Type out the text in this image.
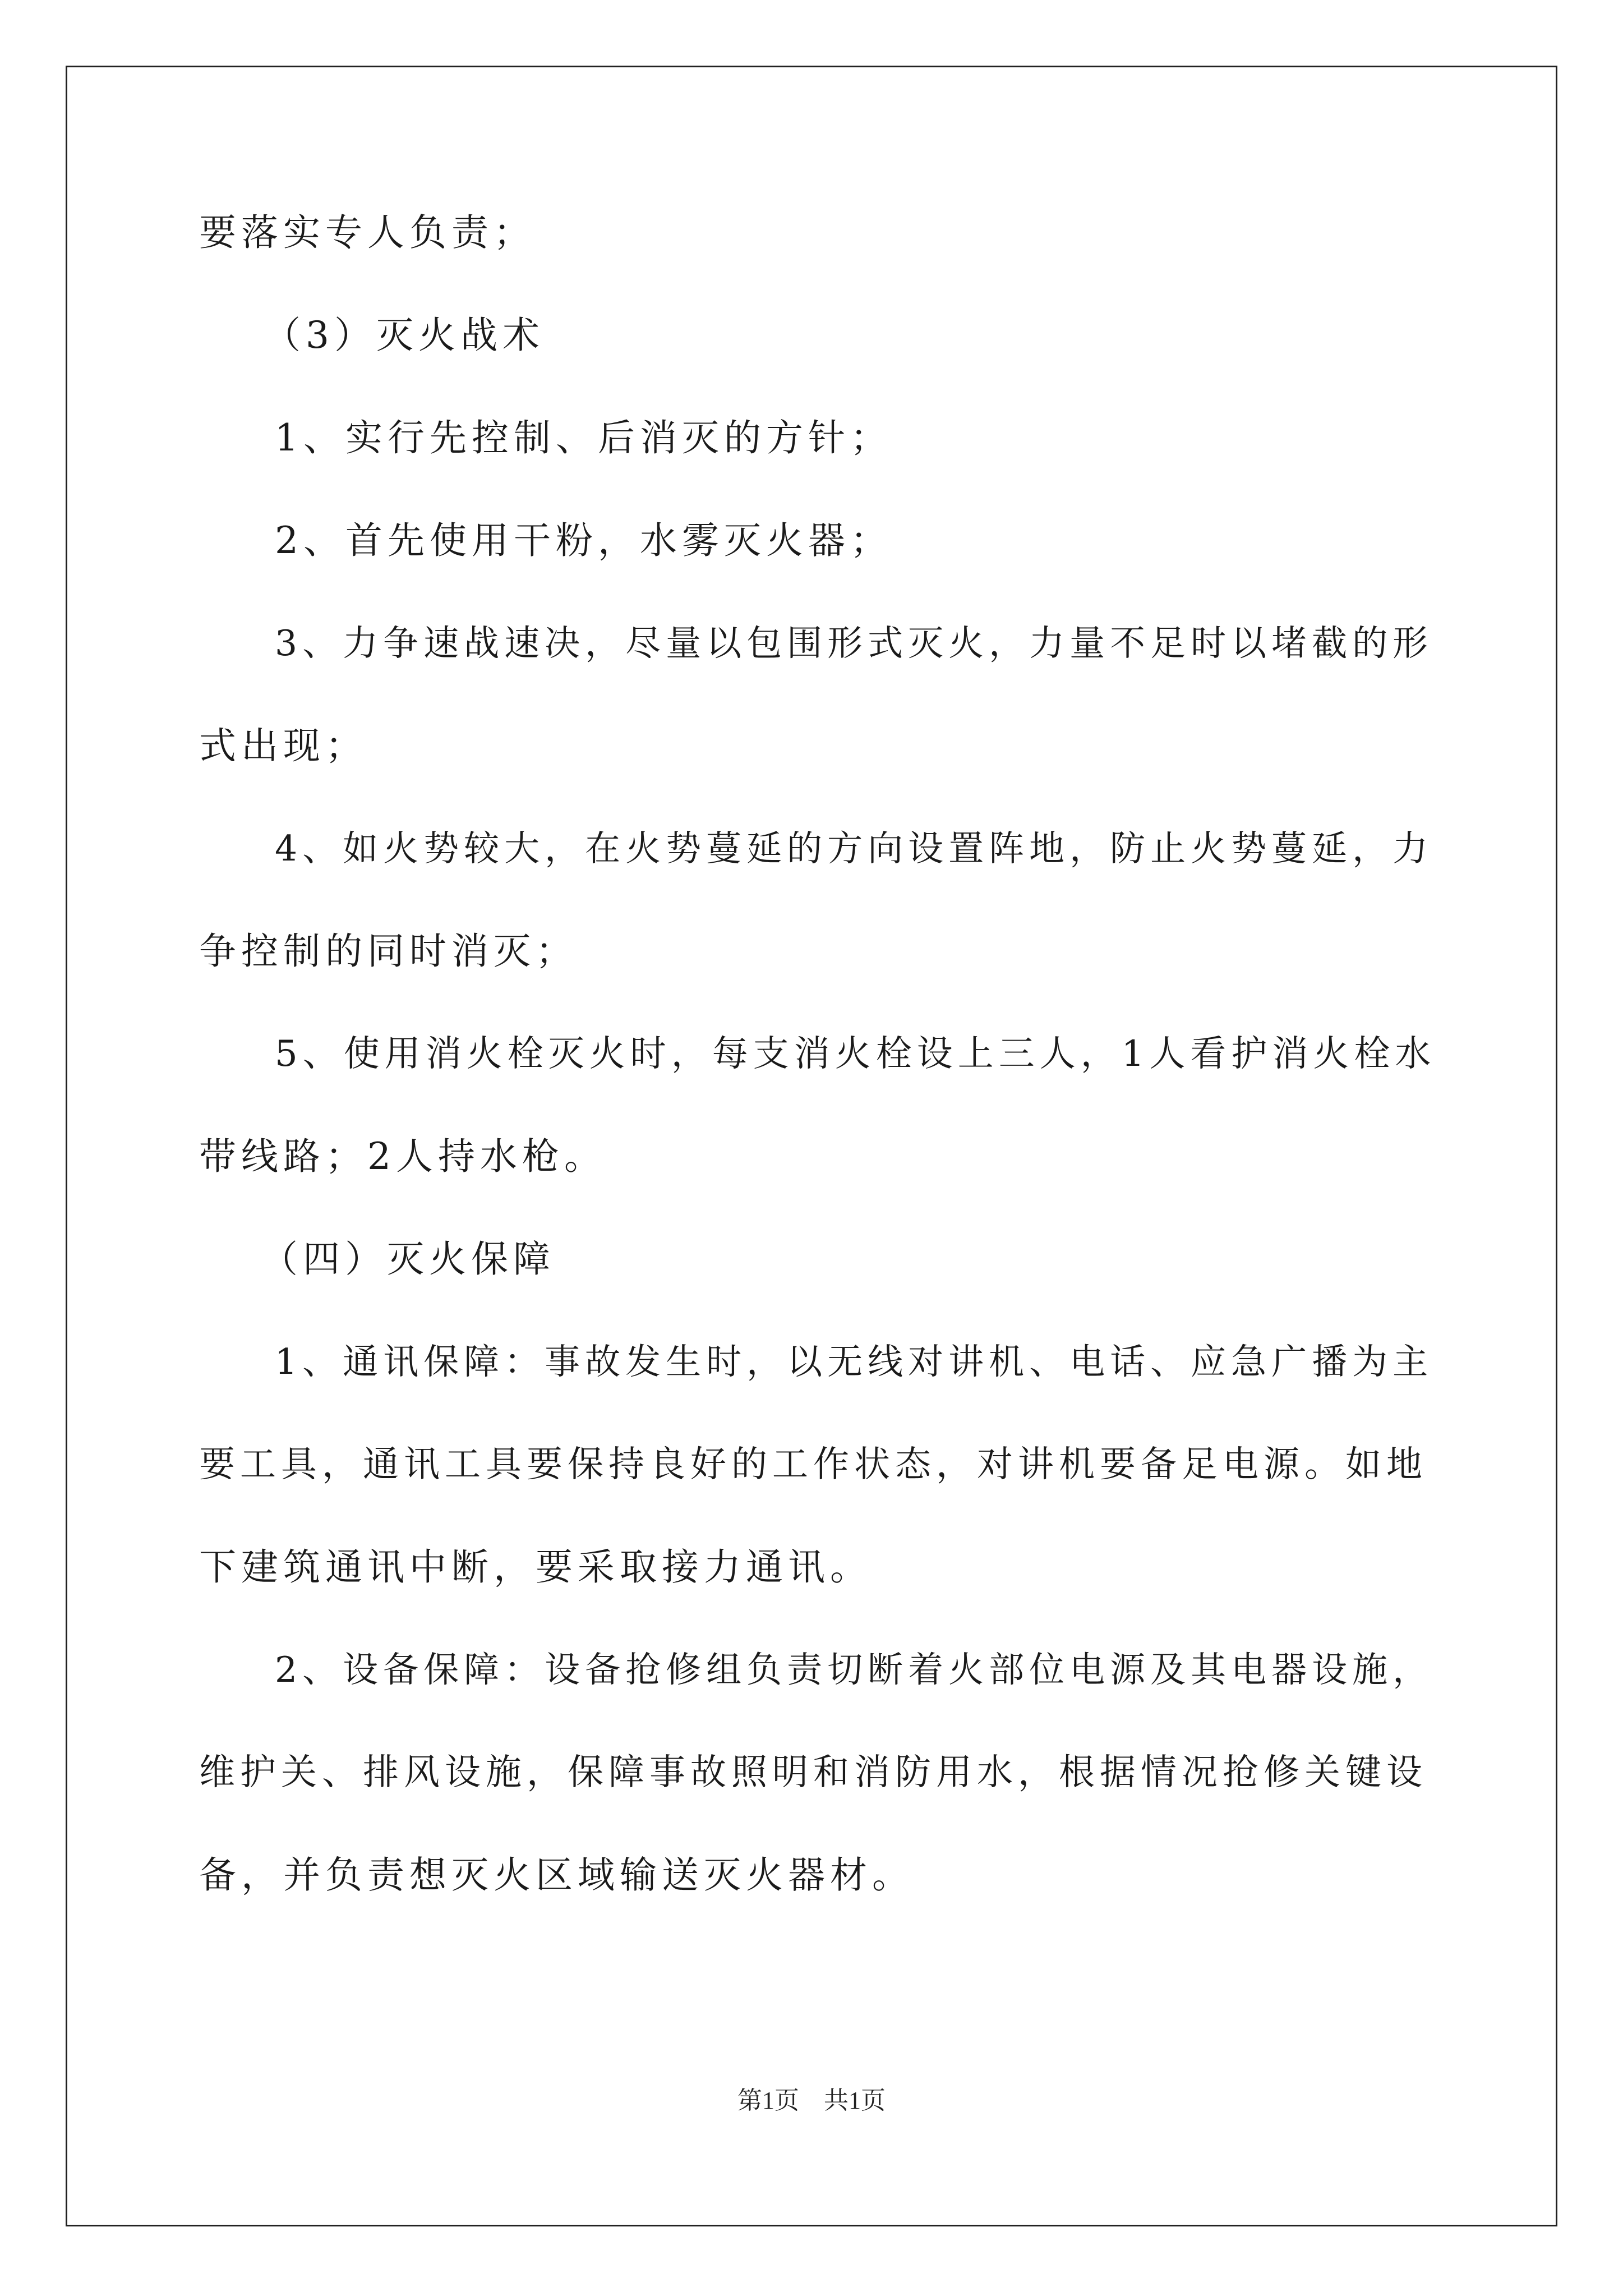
要落实专人负责；
（3）灭火战术
1、实行先控制、后消灭的方针；
2、首先使用干粉，水雾灭火器；
3、力争速战速决，尽量以包围形式灭火，力量不足时以堵截的形
式出现；
4、如火势较大，在火势蔓延的方向设置阵地，防止火势蔓延，力
争控制的同时消灭；
5、使用消火栓灭火时，每支消火栓设上三人，1人看护消火栓水
带线路；2人持水枪。
（四）灭火保障
1、通讯保障：事故发生时，以无线对讲机、电话、应急广播为主
要工具，通讯工具要保持良好的工作状态，对讲机要备足电源。如地
下建筑通讯中断，要采取接力通讯。
2、设备保障：设备抢修组负责切断着火部位电源及其电器设施，
维护关、排风设施，保障事故照明和消防用水，根据情况抢修关键设
备，并负责想灭火区域输送灭火器材。
第1页　共1页
